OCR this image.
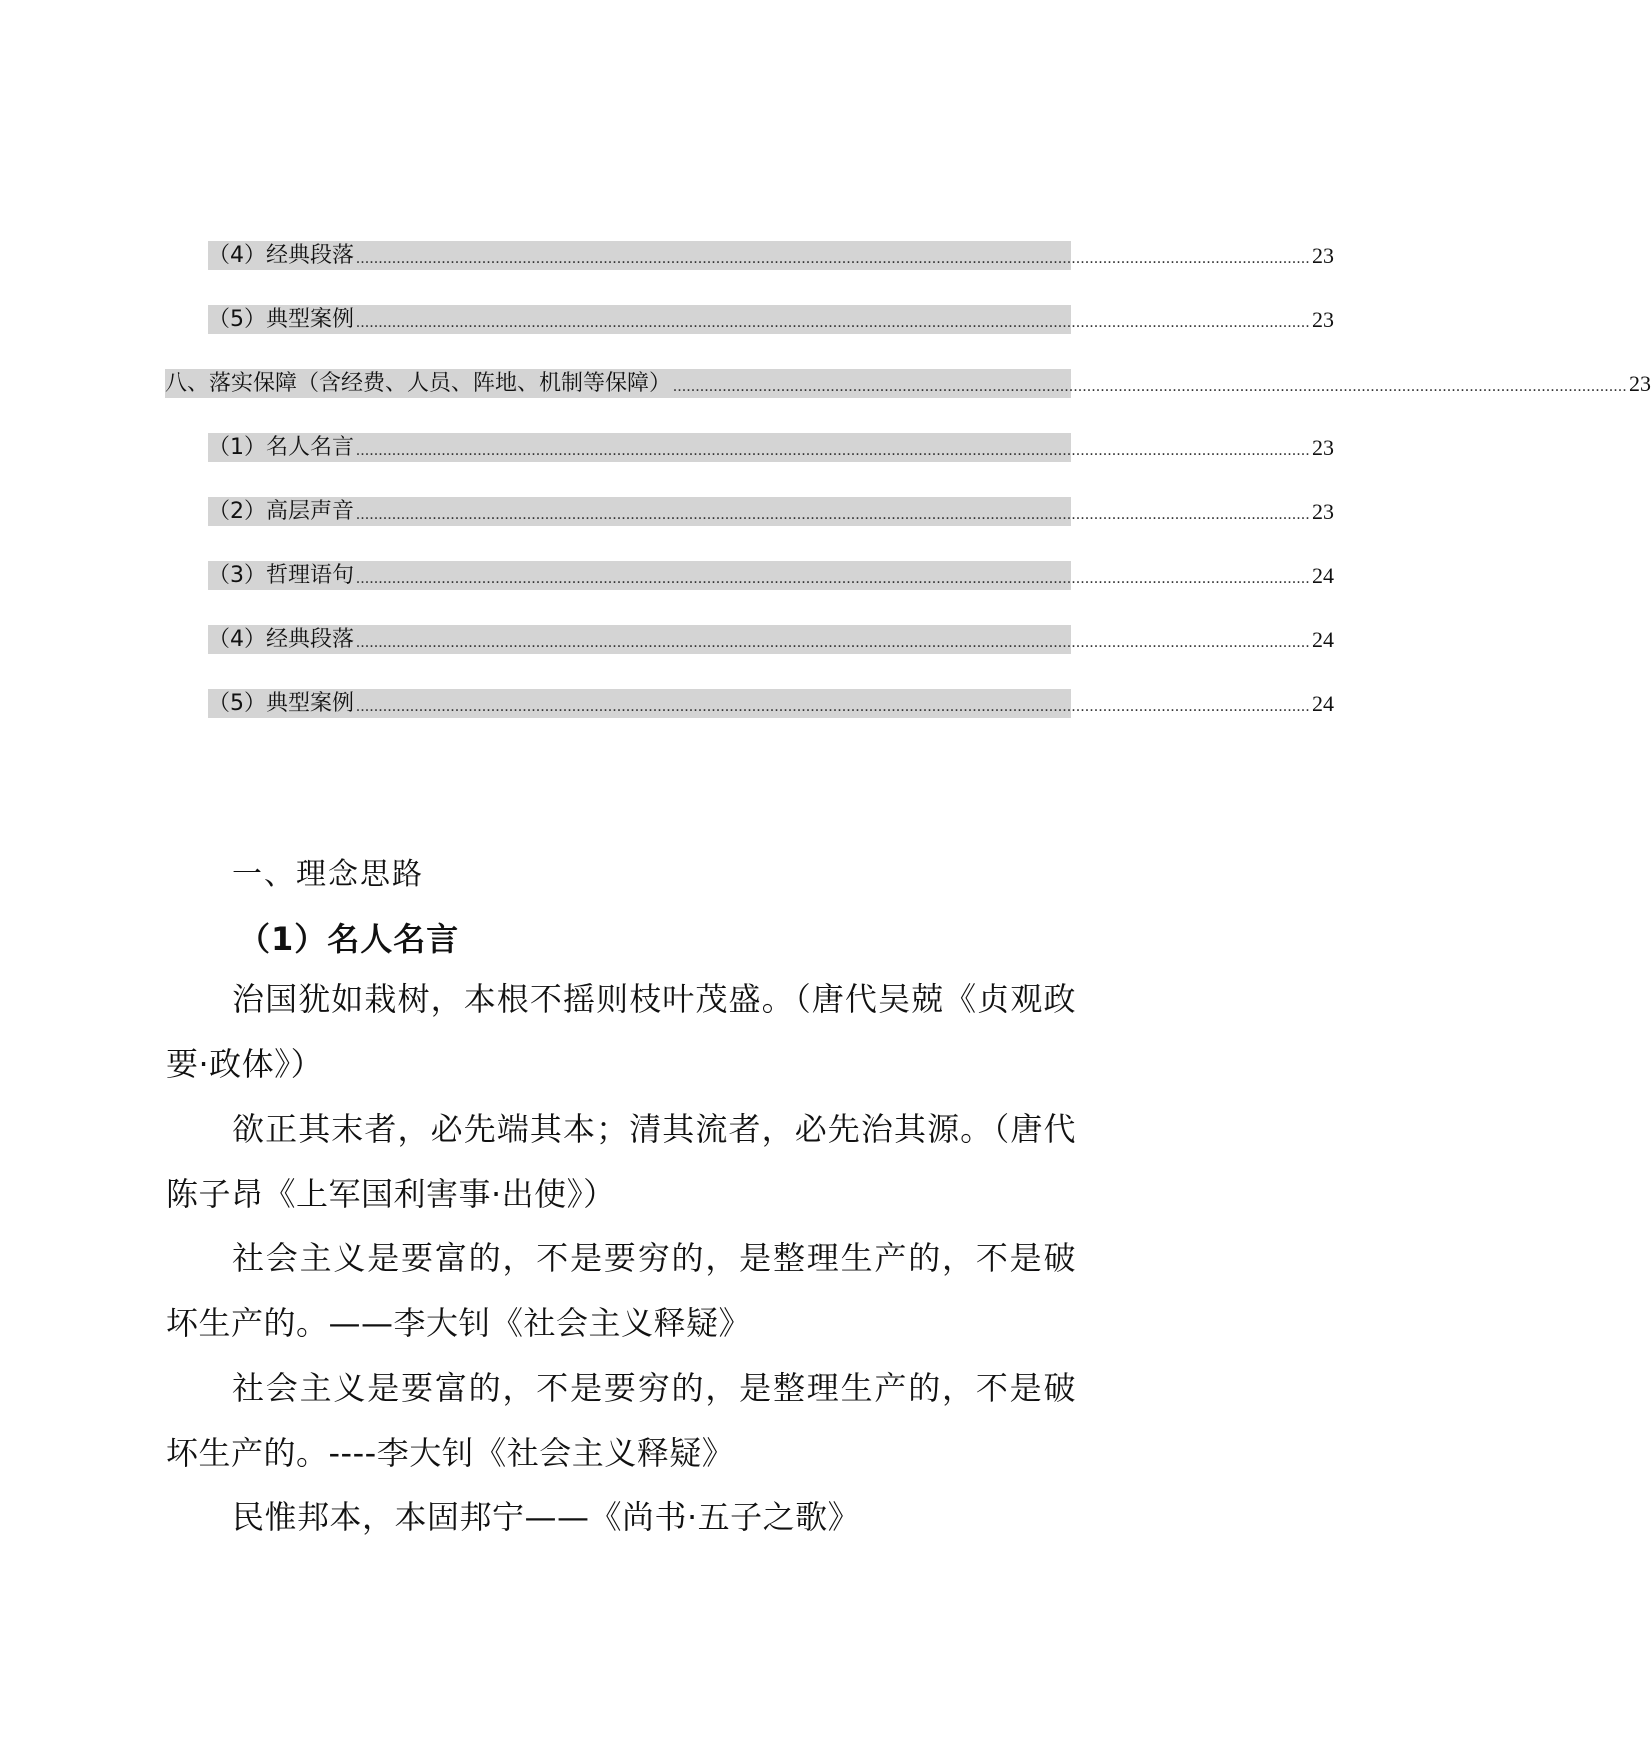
（4）经典段落 .................................................................................................................................................................................................................... 23
（5）典型案例 .................................................................................................................................................................................................................... 23
八、落实保障（含经费、人员、阵地、机制等保障） .................................................................................................................................................................................................................... 23
（1）名人名言 .................................................................................................................................................................................................................... 23
（2）高层声音 .................................................................................................................................................................................................................... 23
（3）哲理语句 .................................................................................................................................................................................................................... 24
（4）经典段落 .................................................................................................................................................................................................................... 24
（5）典型案例 .................................................................................................................................................................................................................... 24
一、理念思路
（1）名人名言

治国犹如栽树，本根不摇则枝叶茂盛。（唐代吴兢《贞观政要·政体》）

欲正其末者，必先端其本；清其流者，必先治其源。（唐代陈子昂《上军国利害事·出使》）

社会主义是要富的，不是要穷的，是整理生产的，不是破坏生产的。——李大钊《社会主义释疑》

社会主义是要富的，不是要穷的，是整理生产的，不是破坏生产的。----李大钊《社会主义释疑》

民惟邦本，本固邦宁——《尚书·五子之歌》
